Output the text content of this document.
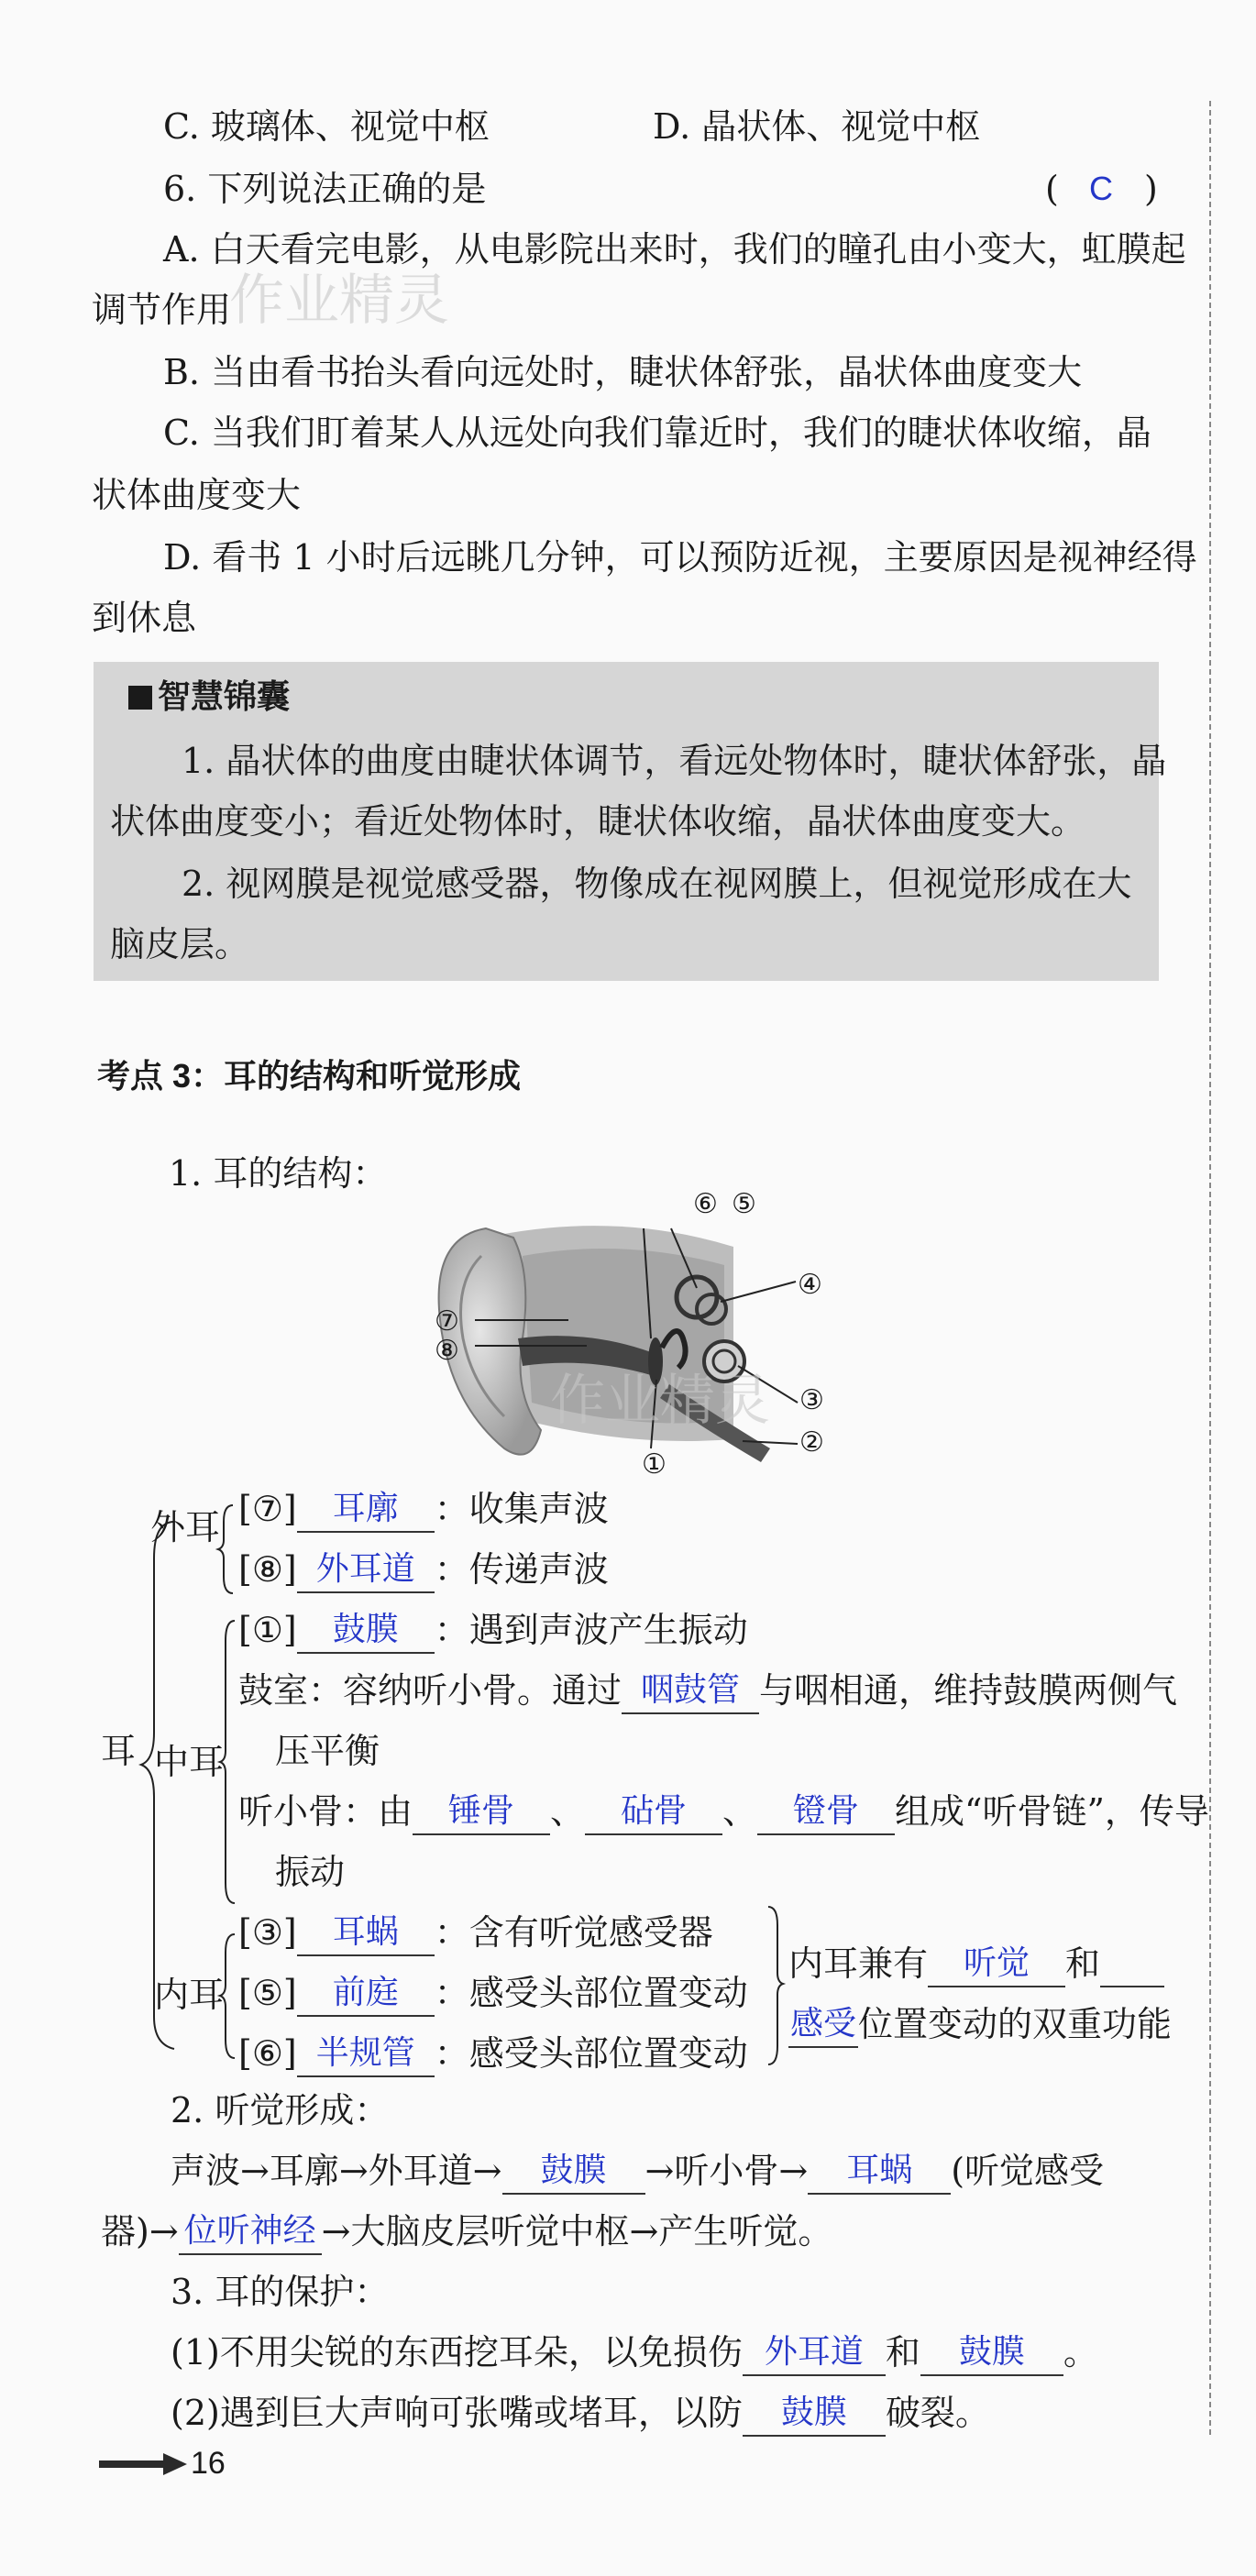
C. 玻璃体、视觉中枢	D. 晶状体、视觉中枢
6. 下列说法正确的是	( C )
A. 白天看完电影，从电影院出来时，我们的瞳孔由小变大，虹膜起
调节作用
B. 当由看书抬头看向远处时，睫状体舒张，晶状体曲度变大
C. 当我们盯着某人从远处向我们靠近时，我们的睫状体收缩，晶
状体曲度变大
D. 看书 1 小时后远眺几分钟，可以预防近视，主要原因是视神经得
到休息
智慧锦囊
1. 晶状体的曲度由睫状体调节，看远处物体时，睫状体舒张，晶
状体曲度变小；看近处物体时，睫状体收缩，晶状体曲度变大。
2. 视网膜是视觉感受器，物像成在视网膜上，但视觉形成在大
脑皮层。
考点 3：耳的结构和听觉形成
1. 耳的结构：
⑥ ⑤
④
⑦
⑧
③
②
①
作业精灵
作业精灵
耳
外耳
中耳
内耳
[⑦] 耳廓 ：收集声波
[⑧] 外耳道 ：传递声波
[①] 鼓膜 ：遇到声波产生振动
鼓室：容纳听小骨。通过 咽鼓管 与咽相通，维持鼓膜两侧气
压平衡
听小骨：由 锤骨 、 砧骨 、 镫骨 组成“听骨链”，传导
振动
[③] 耳蜗 ：含有听觉感受器
[⑤] 前庭 ：感受头部位置变动
[⑥] 半规管 ：感受头部位置变动
内耳兼有 听觉 和
感受位置变动的双重功能
2. 听觉形成：
声波→耳廓→外耳道→ 鼓膜 →听小骨→ 耳蜗 (听觉感受
器)→ 位听神经 →大脑皮层听觉中枢→产生听觉。
3. 耳的保护：
(1)不用尖锐的东西挖耳朵，以免损伤 外耳道 和 鼓膜 。
(2)遇到巨大声响可张嘴或堵耳，以防 鼓膜 破裂。
16
